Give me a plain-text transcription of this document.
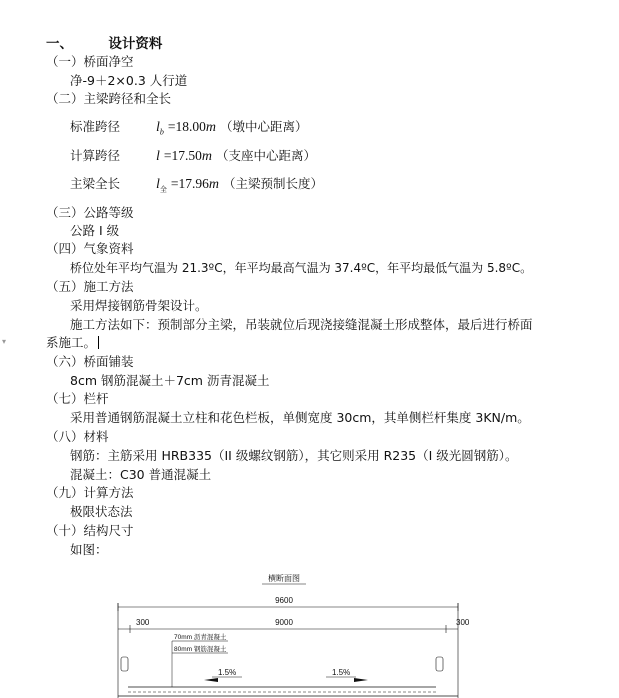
一、	设计资料
（一）桥面净空
净-9＋2×0.3 人行道
（二）主梁跨径和全长
标准跨径	$l_b =18.00m$ （墩中心距离）
计算跨径	l =17.50m （支座中心距离）
主梁全长	$l_全 =17.96m$ （主梁预制长度）
（三）公路等级
公路 I 级
（四）气象资料
桥位处年平均气温为 21.3ºC，年平均最高气温为 37.4ºC，年平均最低气温为 5.8ºC。
（五）施工方法
采用焊接钢筋骨架设计。
施工方法如下：预制部分主梁，吊装就位后现浇接缝混凝土形成整体，最后进行桥面
系施工。
▾
（六）桥面铺装
8cm 钢筋混凝土＋7cm 沥青混凝土
（七）栏杆
采用普通钢筋混凝土立柱和花色栏板，单侧宽度 30cm，其单侧栏杆集度 3KN/m。
（八）材料
钢筋：主筋采用 HRB335（II 级螺纹钢筋），其它则采用 R235（I 级光圆钢筋）。
混凝土：C30 普通混凝土
（九）计算方法
极限状态法
（十）结构尺寸
如图：
横断面图
9600
300	9000	300
70mm 沥青混凝土
80mm 钢筋混凝土
1.5%	1.5%
